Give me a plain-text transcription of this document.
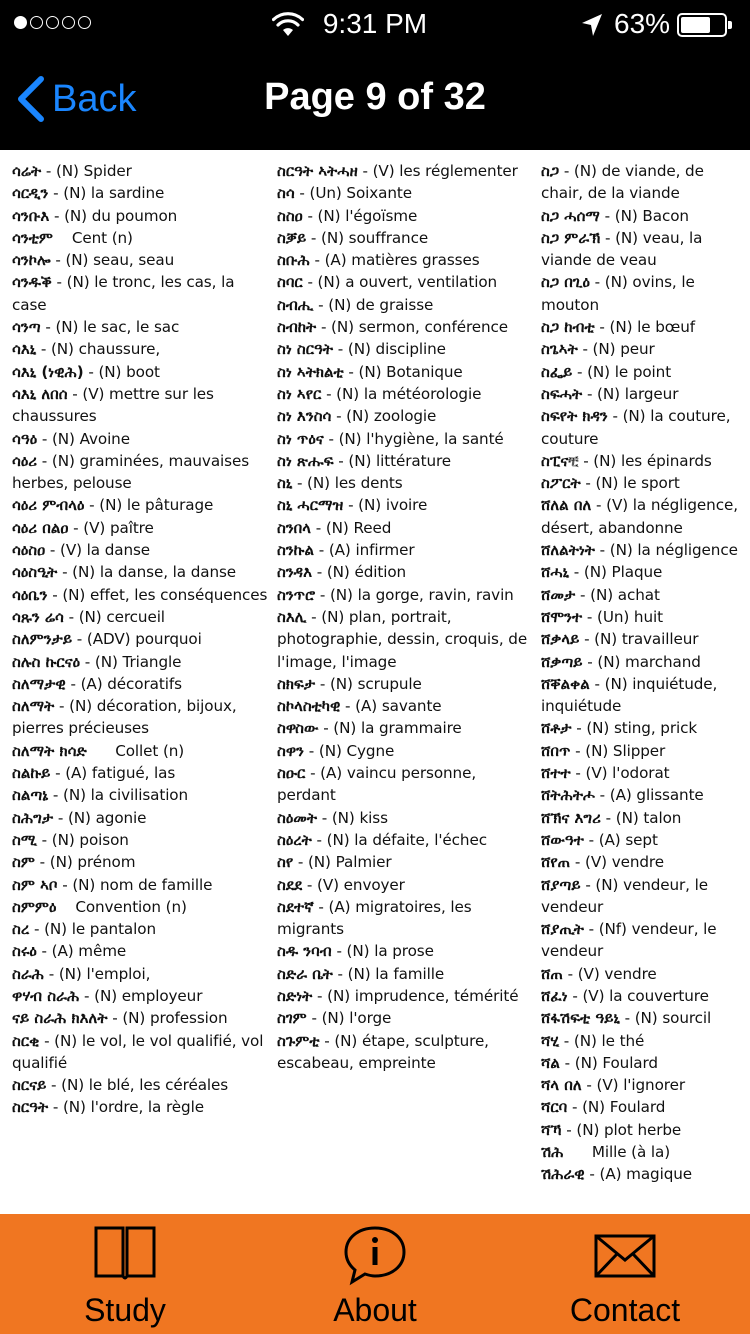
9:31 PM	63%
Back	Page 9 of 32
ሳሬት - (N) Spider
ሳርዲን - (N) la sardine
ሳንቡእ - (N) du poumon
ሳንቲም    Cent (n)
ሳንኮሎ - (N) seau, seau
ሳንዱቕ - (N) le tronc, les cas, la case
ሳንጣ - (N) le sac, le sac
ሳእኒ - (N) chaussure,
ሳእኒ (ነዊሕ) - (N) boot
ሳእኒ ለበሰ - (V) mettre sur les chaussures
ሳዓዕ - (N) Avoine
ሳዕሪ - (N) graminées, mauvaises herbes, pelouse
ሳዕሪ ምብላዕ - (N) le pâturage
ሳዕሪ በልዐ - (V) paître
ሳዕስዐ - (V) la danse
ሳዕስዒት - (N) la danse, la danse
ሳዕቤን - (N) effet, les conséquences
ሳጹን ሬሳ - (N) cercueil
ስለምንታይ - (ADV) pourquoi
ስሉስ ኩርናዕ - (N) Triangle
ስለማታዊ - (A) décoratifs
ስለማት - (N) décoration, bijoux, pierres précieuses
ስለማት ክሳድ      Collet (n)
ስልኩይ - (A) fatigué, las
ስልጣኔ - (N) la civilisation
ስሕግታ - (N) agonie
ስሚ - (N) poison
ስም - (N) prénom
ስም ኣቦ - (N) nom de famille
ስምምዕ    Convention (n)
ስረ - (N) le pantalon
ስሩዕ - (A) même
ስራሕ - (N) l'emploi,
ዋሃብ ስራሕ - (N) employeur
ናይ ስራሕ ክእለት - (N) profession
ስርቂ - (N) le vol, le vol qualifié, vol qualifié
ስርናይ - (N) le blé, les céréales
ስርዓት - (N) l'ordre, la règle
ስርዓት ኣትሓዘ - (V) les réglementer
ስሳ - (Un) Soixante
ስስዐ - (N) l'égoïsme
ስቓይ - (N) souffrance
ስቡሕ - (A) matières grasses
ስባር - (N) a ouvert, ventilation
ስብሒ - (N) de graisse
ስብከት - (N) sermon, conférence
ስነ ስርዓት - (N) discipline
ስነ ኣትክልቲ - (N) Botanique
ስነ ኣየር - (N) la météorologie
ስነ እንስሳ - (N) zoologie
ስነ ጥዕና - (N) l'hygiène, la santé
ስነ ጽሑፍ - (N) littérature
ስኒ - (N) les dents
ስኒ ሓርማዝ - (N) ivoire
ስንበላ - (N) Reed
ስንኩል - (A) infirmer
ስንዳእ - (N) édition
ስንጥሮ - (N) la gorge, ravin, ravin
ስእሊ - (N) plan, portrait, photographie, dessin, croquis, de l'image, l'image
ስክፍታ - (N) scrupule
ስኮላስቲካዊ - (A) savante
ስዋስው - (N) la grammaire
ስዋን - (N) Cygne
ስዑር - (A) vaincu personne, perdant
ስዕመት - (N) kiss
ስዕረት - (N) la défaite, l'échec
ስየ - (N) Palmier
ስደደ - (V) envoyer
ስደተኛ - (A) migratoires, les migrants
ስዱ ንባብ - (N) la prose
ስድራ ቤት - (N) la famille
ስድነት - (N) imprudence, témérité
ስገም - (N) l'orge
ስጉምቲ - (N) étape, sculpture, escabeau, empreinte
ስጋ - (N) de viande, de chair, de la viande
ስጋ ሓሰማ - (N) Bacon
ስጋ ምራኽ - (N) veau, la viande de veau
ስጋ በጊዕ - (N) ovins, le mouton
ስጋ ከብቲ - (N) le bœuf
ስጌኣት - (N) peur
ስፌይ - (N) le point
ስፍሓት - (N) largeur
ስፍየት ክዳን - (N) la couture, couture
ስፒናቺ - (N) les épinards
ስፖርት - (N) le sport
ሸለል በለ - (V) la négligence, désert, abandonne
ሸለልትነት - (N) la négligence
ሸሓኒ - (N) Plaque
ሸመታ - (N) achat
ሸሞንተ - (Un) huit
ሸቃላይ - (N) travailleur
ሸቃጣይ - (N) marchand
ሸቐልቀል - (N) inquiétude, inquiétude
ሸቶታ - (N) sting, prick
ሸበጥ - (N) Slipper
ሸተተ - (V) l'odorat
ሸትሕትሖ - (A) glissante
ሸኽና እግሪ - (N) talon
ሸውዓተ - (A) sept
ሸየጠ - (V) vendre
ሸያጣይ - (N) vendeur, le vendeur
ሸያጢት - (Nf) vendeur, le vendeur
ሸጠ - (V) vendre
ሸፈነ - (V) la couverture
ሸፋሽፍቲ ዓይኒ - (N) sourcil
ሻሂ - (N) le thé
ሻል - (N) Foulard
ሻላ በለ - (V) l'ignorer
ሻርባ - (N) Foulard
ሻኻ - (N) plot herbe
ሽሕ      Mille (à la)
ሽሕራዊ - (A) magique
Study	About	Contact
